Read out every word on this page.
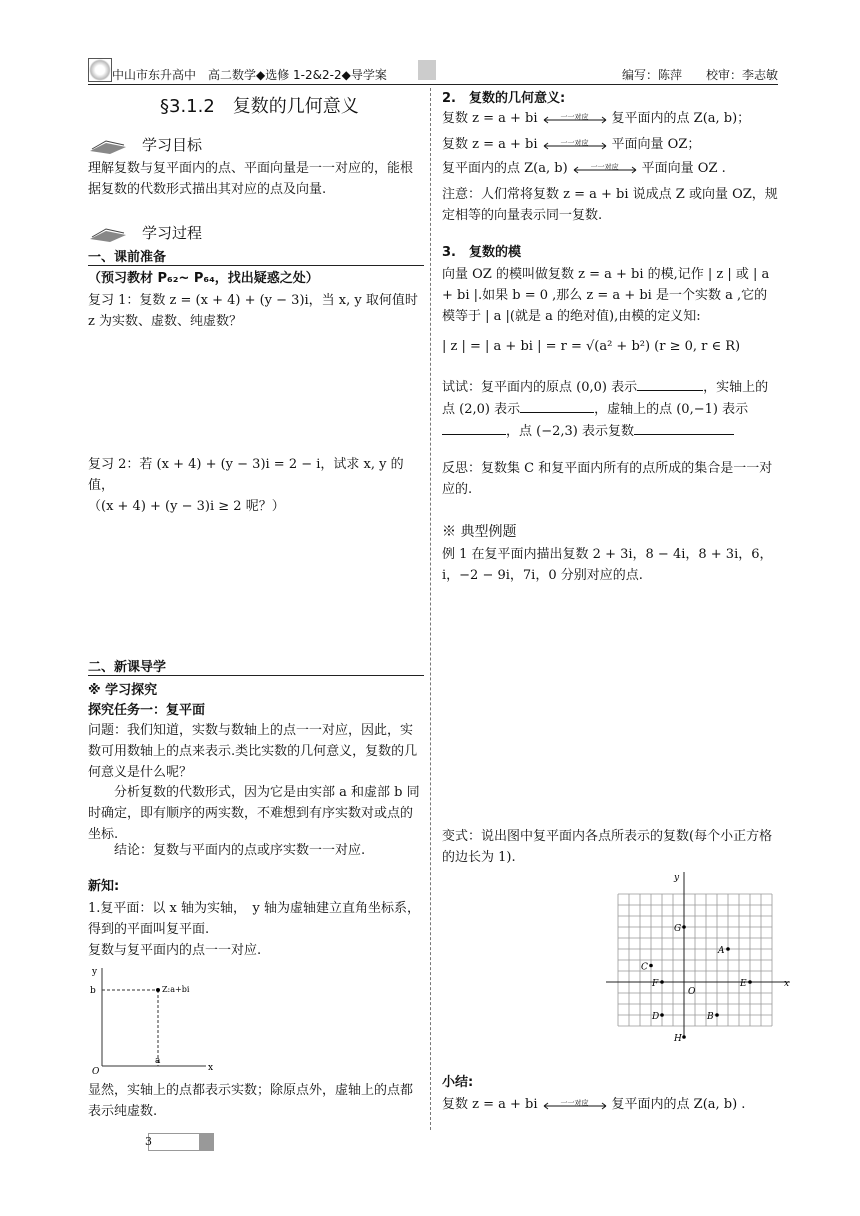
中山市东升高中　高二数学◆选修 1-2&2-2◆导学案	编写：陈萍　　 校审：李志敏
§3.1.2　复数的几何意义
学习目标
理解复数与复平面内的点、平面向量是一一对应的，能根据复数的代数形式描出其对应的点及向量.
学习过程
一、课前准备
（预习教材 P₆₂~ P₆₄，找出疑惑之处）
复习 1：复数 z = (x + 4) + (y − 3)i，当 x, y 取何值时 z 为实数、虚数、纯虚数？
复习 2：若 (x + 4) + (y − 3)i = 2 − i，试求 x, y 的值，
（(x + 4) + (y − 3)i ≥ 2 呢？）
二、新课导学
※ 学习探究
探究任务一：复平面
问题：我们知道，实数与数轴上的点一一对应，因此，实数可用数轴上的点来表示.类比实数的几何意义，复数的几何意义是什么呢？
分析复数的代数形式，因为它是由实部 a 和虚部 b 同时确定，即有顺序的两实数，不难想到有序实数对或点的坐标.
结论：复数与平面内的点或序实数一一对应.
新知:
1.复平面：以 x 轴为实轴，　y 轴为虚轴建立直角坐标系，得到的平面叫复平面.
复数与复平面内的点一一对应.
y
b	Z:a+bi
O
a
x
显然，实轴上的点都表示实数；除原点外，虚轴上的点都表示纯虚数.
2.　复数的几何意义:
复数 z = a + bi	一一对应	复平面内的点 Z(a, b)；
复数 z = a + bi	一一对应	平面向量 OZ；
复平面内的点 Z(a, b)	一一对应	平面向量 OZ .
注意：人们常将复数 z = a + bi 说成点 Z 或向量 OZ，规定相等的向量表示同一复数.
3.　复数的模
向量 OZ 的模叫做复数 z = a + bi 的模,记作 | z | 或 | a + bi |.如果 b = 0 ,那么 z = a + bi 是一个实数 a ,它的模等于 | a |(就是 a 的绝对值),由模的定义知:
| z | = | a + bi | = r = √(a² + b²) (r ≥ 0, r ∈ R)
试试：复平面内的原点 (0,0) 表示	，实轴上的点 (2,0) 表示	，虚轴上的点 (0,−1) 表示，点 (−2,3) 表示复数
反思：复数集 C 和复平面内所有的点所成的集合是一一对应的.
※ 典型例题
例 1 在复平面内描出复数 2 + 3i，8 − 4i，8 + 3i，6，i，−2 − 9i，7i，0 分别对应的点.
变式：说出图中复平面内各点所表示的复数(每个小正方格的边长为 1).
y
x
O
A
B
C
D
E
F
G
H
小结:
复数 z = a + bi	一一对应	复平面内的点 Z(a, b) .
3
